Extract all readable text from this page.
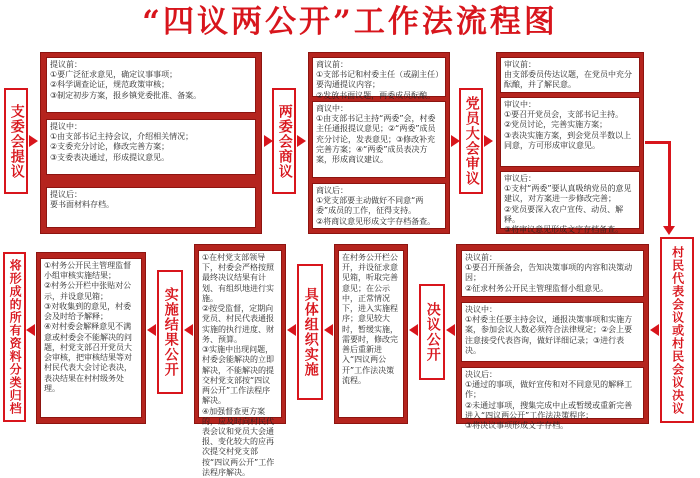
“四议两公开”工作法流程图
支委会提议
提议前：
①要广泛征求意见，确定议事事项；
②科学调查论证，规范政策审核；
③制定初步方案，报乡镇党委批准、备案。
提议中：
①由支部书记主持会议，介绍相关情况；
②支委充分讨论，修改完善方案；
③支委表决通过，形成提议意见。
提议后：
要书面材料存档。
两委会商议
商议前：
①支部书记和村委主任（或副主任）要沟通提议内容；
②发放书面议题，两委成员酝酿。
商议中：
①由支部书记主持“两委”会，村委主任通报提议意见；②“两委”成员充分讨论，发表意见；③修改补充完善方案；④“两委”成员表决方案，形成商议建议。
商议后：
①党支部要主动做好不同意“两委”成员的工作，征得支持。
②将商议意见形成文字存档备查。
党员大会审议
审议前：
由支部委员传达议题，在党员中充分酝酿，并了解民意。
审议中：
①要召开党员会，支部书记主持。
②党员讨论，完善实施方案；
③表决实施方案，到会党员半数以上同意，方可形成审议意见。
审议后：
①支村“两委”要认真吸纳党员的意见建议，对方案进一步修改完善；
②党员要深入农户宣传、动员、解释。
③将审议意见形成文字存档备查。
村民代表会议或村民会议决议
决议前：
①要召开预备会，告知决策事项的内容和决策动因；
②征求村务公开民主管理监督小组意见。
决议中：
①村委主任要主持会议，通报决策事项和实施方案，参加会议人数必须符合法律规定；②会上要注意接受代表咨询，做好详细记录；③进行表决。
决议后：
①通过的事项，做好宣传和对不同意见的解释工作；
②未通过事项，搜集完成中止或暂缓或重新完善进入“四议两公开”工作法决策程序；
③将决议事项形成文字存档。
决议公开
在村务公开栏公开，并设征求意见箱，听取完善意见；在公示中，正常情况下，进入实施程序；意见较大时，暂缓实施，需要时，修改完善后重新进入“四议两公开”工作法决策流程。
具体组织实施
①在村党支部领导下，村委会严格按照最终决议结果有计划、有组织地进行实施。
②按受监督，定期向党员、村民代表通报实施的执行进度、财务、预算。
③实施中出现问题，村委会能解决的立即解决，不能解决的提交村党支部按“四议两公开”工作法程序解决。
④加强督查更方案的，应及时向村民代表会议和党员大会通报、变化较大的应再次提交村党支部按“四议两公开”工作法程序解决。
实施结果公开
①村务公开民主管理监督小组审核实施结果；
②村务公开栏中张贴对公示，并设意见箱；
③对收集到的意见，村委会及时给予解释；
④对村委会解释意见不满意或村委会不能解决的问题，村党支部召开党员大会审核，把审核结果等对村民代表大会讨论表决，表决结果在村村级务处理。
将形成的所有资料分类归档
